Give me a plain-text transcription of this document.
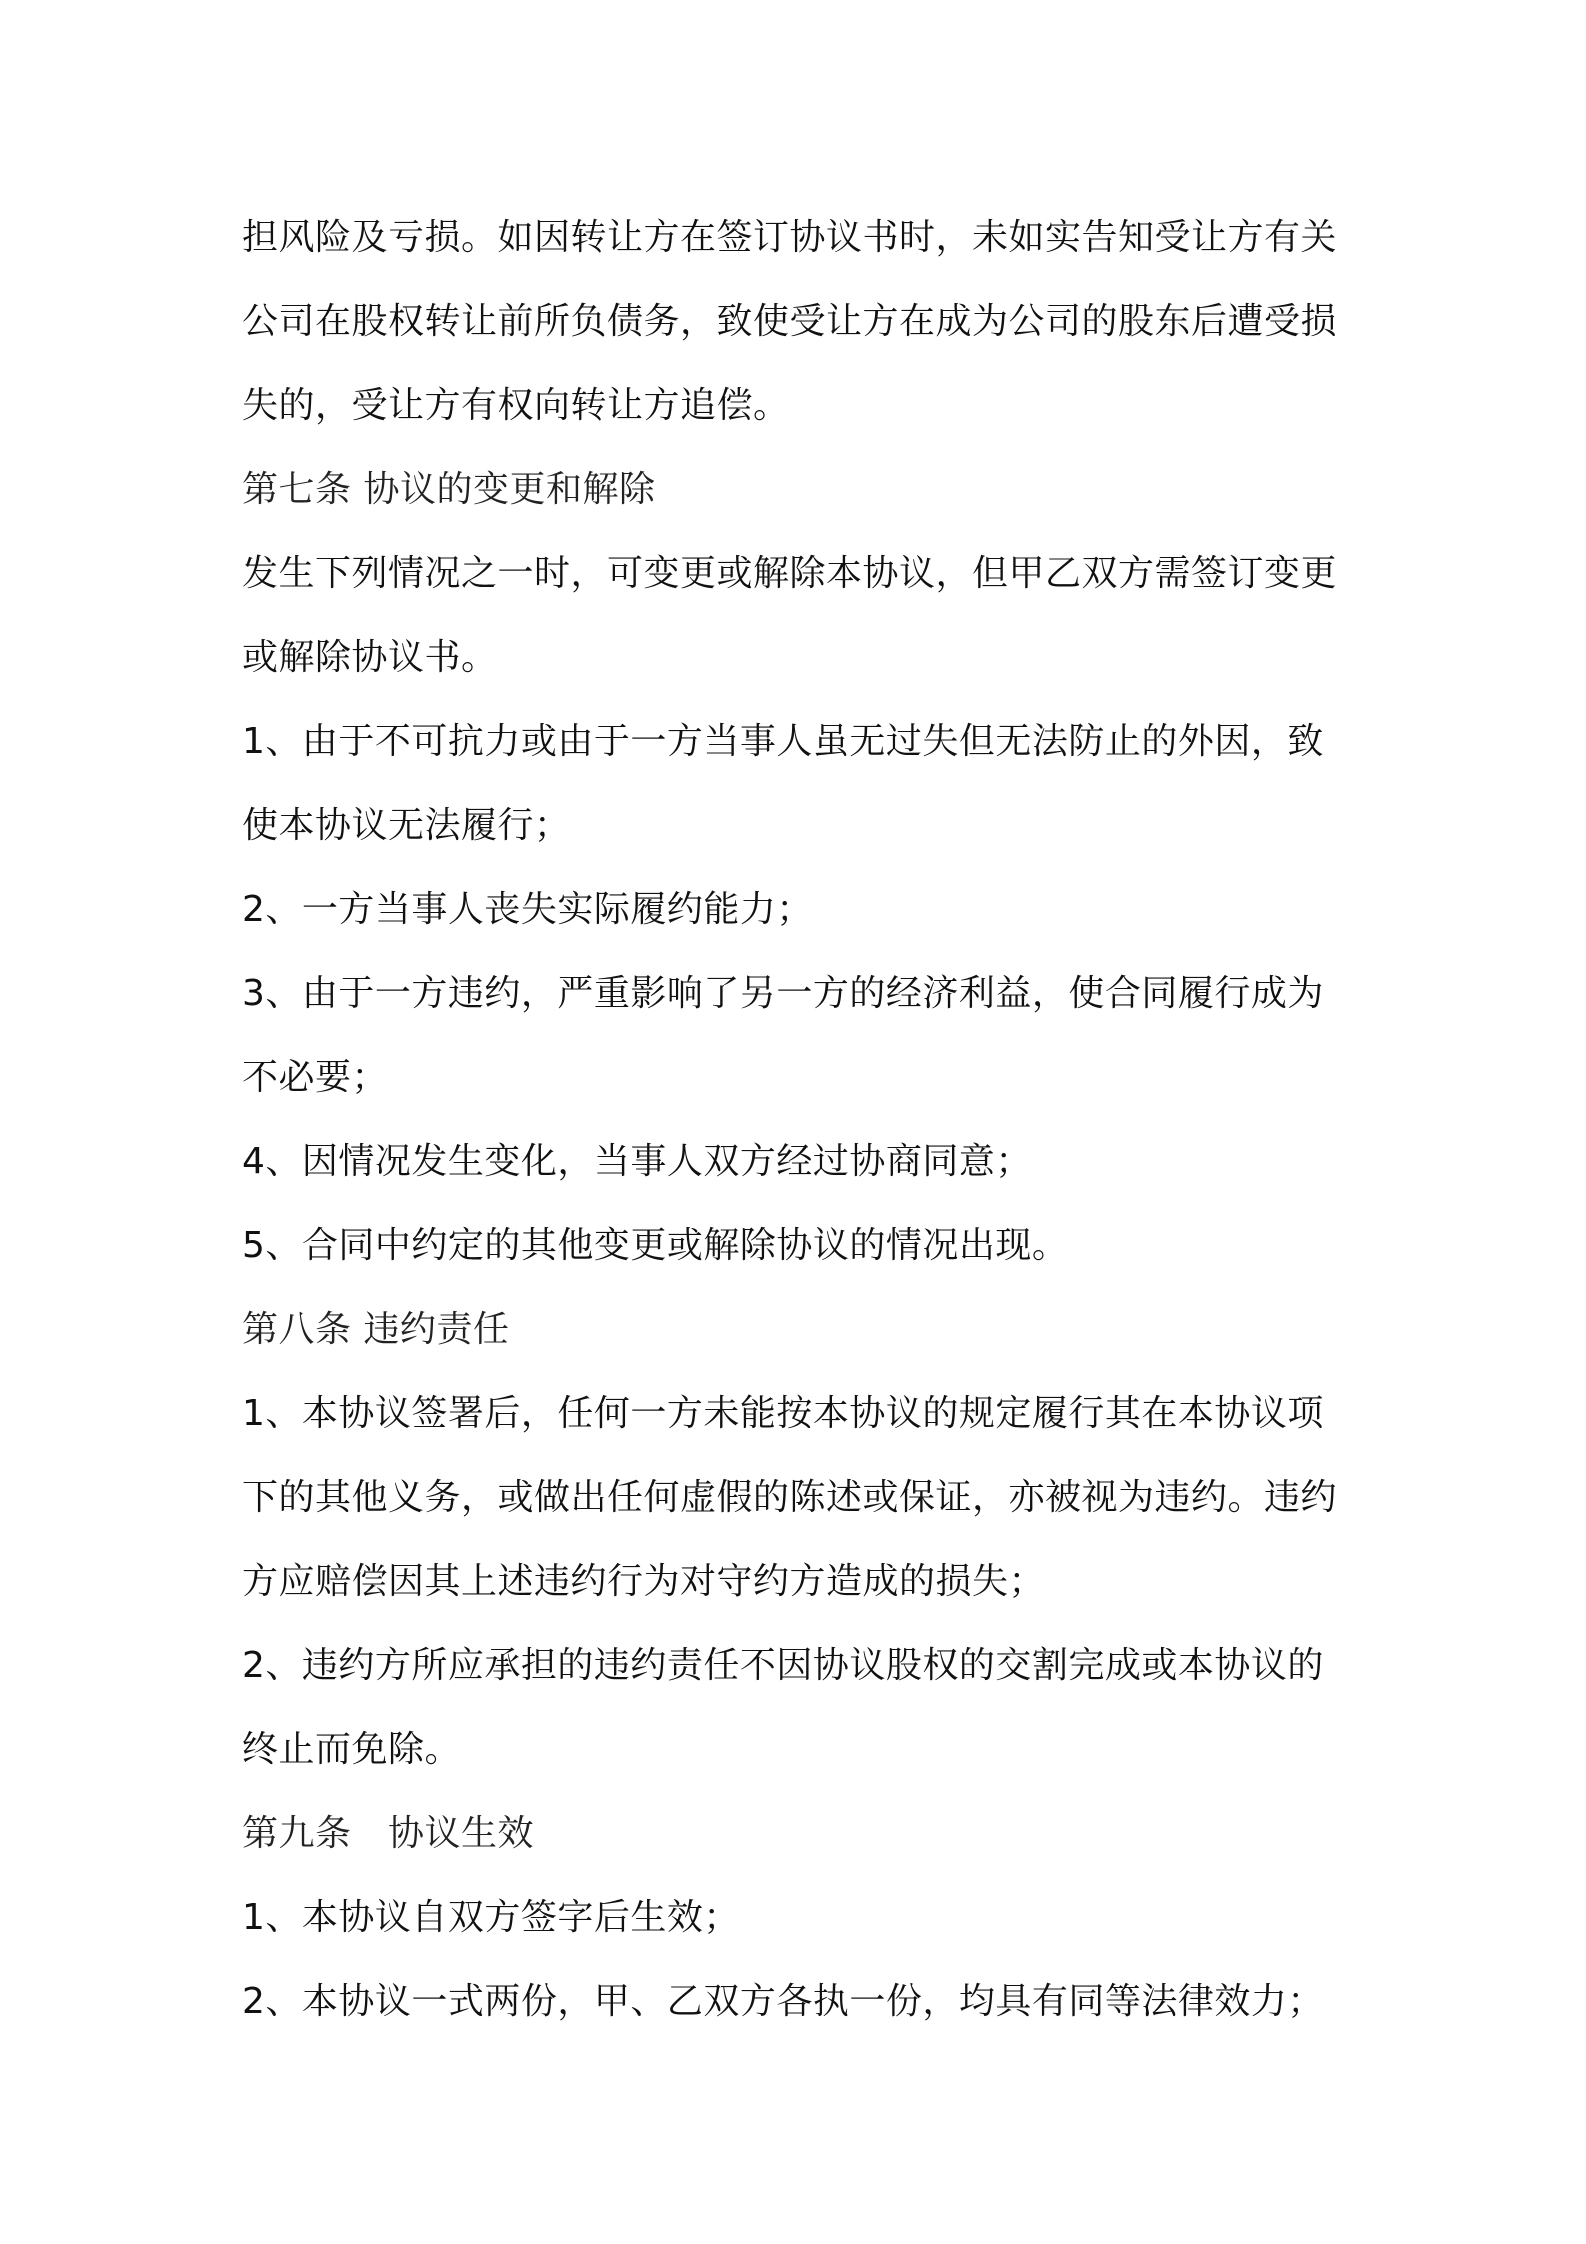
担风险及亏损。如因转让方在签订协议书时，未如实告知受让方有关
公司在股权转让前所负债务，致使受让方在成为公司的股东后遭受损
失的，受让方有权向转让方追偿。
第七条 协议的变更和解除
发生下列情况之一时，可变更或解除本协议，但甲乙双方需签订变更
或解除协议书。
1、由于不可抗力或由于一方当事人虽无过失但无法防止的外因，致
使本协议无法履行；
2、一方当事人丧失实际履约能力；
3、由于一方违约，严重影响了另一方的经济利益，使合同履行成为
不必要；
4、因情况发生变化，当事人双方经过协商同意；
5、合同中约定的其他变更或解除协议的情况出现。
第八条 违约责任
1、本协议签署后，任何一方未能按本协议的规定履行其在本协议项
下的其他义务，或做出任何虚假的陈述或保证，亦被视为违约。违约
方应赔偿因其上述违约行为对守约方造成的损失；
2、违约方所应承担的违约责任不因协议股权的交割完成或本协议的
终止而免除。
第九条　协议生效
1、本协议自双方签字后生效；
2、本协议一式两份，甲、乙双方各执一份，均具有同等法律效力；
